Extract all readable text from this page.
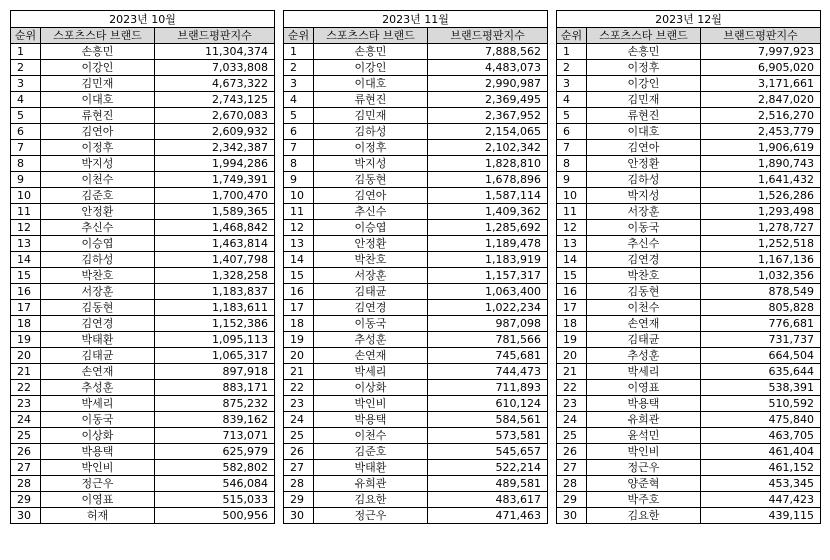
2023년 10월		
순위	스포츠스타 브랜드	브랜드평판지수
1	손흥민	11,304,374
2	이강인	7,033,808
3	김민재	4,673,322
4	이대호	2,743,125
5	류현진	2,670,083
6	김연아	2,609,932
7	이정후	2,342,387
8	박지성	1,994,286
9	이천수	1,749,391
10	김준호	1,700,470
11	안정환	1,589,365
12	추신수	1,468,842
13	이승엽	1,463,814
14	김하성	1,407,798
15	박찬호	1,328,258
16	서장훈	1,183,837
17	김동현	1,183,611
18	김연경	1,152,386
19	박태환	1,095,113
20	김태균	1,065,317
21	손연재	897,918
22	추성훈	883,171
23	박세리	875,232
24	이동국	839,162
25	이상화	713,071
26	박용택	625,979
27	박인비	582,802
28	정근우	546,084
29	이영표	515,033
30	허재	500,956
2023년 11월		
순위	스포츠스타 브랜드	브랜드평판지수
1	손흥민	7,888,562
2	이강인	4,483,073
3	이대호	2,990,987
4	류현진	2,369,495
5	김민재	2,367,952
6	김하성	2,154,065
7	이정후	2,102,342
8	박지성	1,828,810
9	김동현	1,678,896
10	김연아	1,587,114
11	추신수	1,409,362
12	이승엽	1,285,692
13	안정환	1,189,478
14	박찬호	1,183,919
15	서장훈	1,157,317
16	김태균	1,063,400
17	김연경	1,022,234
18	이동국	987,098
19	추성훈	781,566
20	손연재	745,681
21	박세리	744,473
22	이상화	711,893
23	박인비	610,124
24	박용택	584,561
25	이천수	573,581
26	김준호	545,657
27	박태환	522,214
28	유희관	489,581
29	김요한	483,617
30	정근우	471,463
2023년 12월		
순위	스포츠스타 브랜드	브랜드평판지수
1	손흥민	7,997,923
2	이정후	6,905,020
3	이강인	3,171,661
4	김민재	2,847,020
5	류현진	2,516,270
6	이대호	2,453,779
7	김연아	1,906,619
8	안정환	1,890,743
9	김하성	1,641,432
10	박지성	1,526,286
11	서장훈	1,293,498
12	이동국	1,278,727
13	추신수	1,252,518
14	김연경	1,167,136
15	박찬호	1,032,356
16	김동현	878,549
17	이천수	805,828
18	손연재	776,681
19	김태균	731,737
20	추성훈	664,504
21	박세리	635,644
22	이영표	538,391
23	박용택	510,592
24	유희관	475,840
25	윤석민	463,705
26	박인비	461,404
27	정근우	461,152
28	양준혁	453,345
29	박주호	447,423
30	김요한	439,115
